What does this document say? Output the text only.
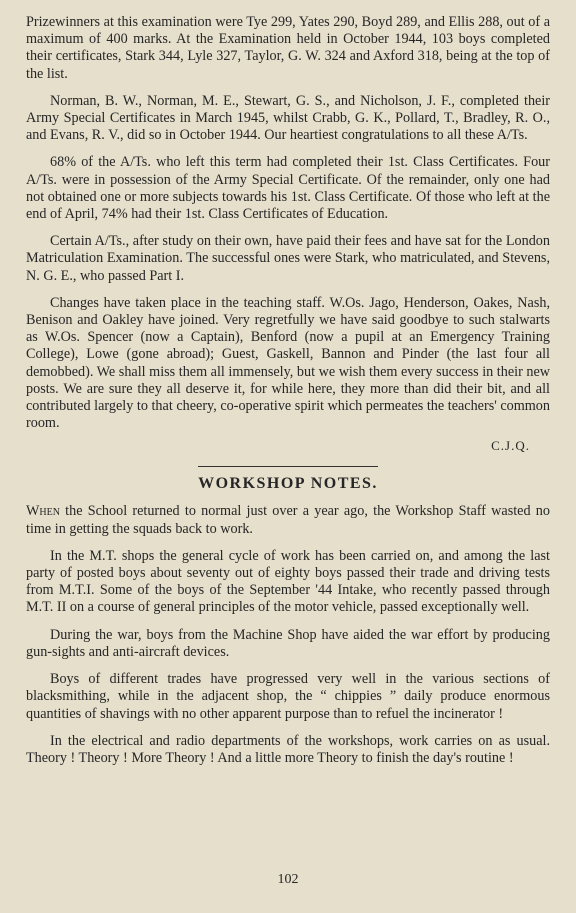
Prizewinners at this examination were Tye 299, Yates 290, Boyd 289, and Ellis 288, out of a maximum of 400 marks. At the Examination held in October 1944, 103 boys completed their certificates, Stark 344, Lyle 327, Taylor, G. W. 324 and Axford 318, being at the top of the list.

Norman, B. W., Norman, M. E., Stewart, G. S., and Nicholson, J. F., completed their Army Special Certificates in March 1945, whilst Crabb, G. K., Pollard, T., Bradley, R. O., and Evans, R. V., did so in October 1944. Our heartiest congratulations to all these A/Ts.

68% of the A/Ts. who left this term had completed their 1st. Class Certificates. Four A/Ts. were in possession of the Army Special Certificate. Of the remainder, only one had not obtained one or more subjects towards his 1st. Class Certificate. Of those who left at the end of April, 74% had their 1st. Class Certificates of Education.

Certain A/Ts., after study on their own, have paid their fees and have sat for the London Matriculation Examination. The successful ones were Stark, who matriculated, and Stevens, N. G. E., who passed Part I.

Changes have taken place in the teaching staff. W.Os. Jago, Henderson, Oakes, Nash, Benison and Oakley have joined. Very regretfully we have said goodbye to such stalwarts as W.Os. Spencer (now a Captain), Benford (now a pupil at an Emergency Training College), Lowe (gone abroad); Guest, Gaskell, Bannon and Pinder (the last four all demobbed). We shall miss them all immensely, but we wish them every success in their new posts. We are sure they all deserve it, for while here, they more than did their bit, and all contributed largely to that cheery, co-operative spirit which permeates the teachers' common room.

C.J.Q.
WORKSHOP NOTES.

When the School returned to normal just over a year ago, the Workshop Staff wasted no time in getting the squads back to work.

In the M.T. shops the general cycle of work has been carried on, and among the last party of posted boys about seventy out of eighty boys passed their trade and driving tests from M.T.I. Some of the boys of the September '44 Intake, who recently passed through M.T. II on a course of general principles of the motor vehicle, passed exceptionally well.

During the war, boys from the Machine Shop have aided the war effort by producing gun-sights and anti-aircraft devices.

Boys of different trades have progressed very well in the various sections of blacksmithing, while in the adjacent shop, the “ chippies ” daily produce enormous quantities of shavings with no other apparent purpose than to refuel the incinerator !

In the electrical and radio departments of the workshops, work carries on as usual. Theory ! Theory ! More Theory ! And a little more Theory to finish the day's routine !

102
